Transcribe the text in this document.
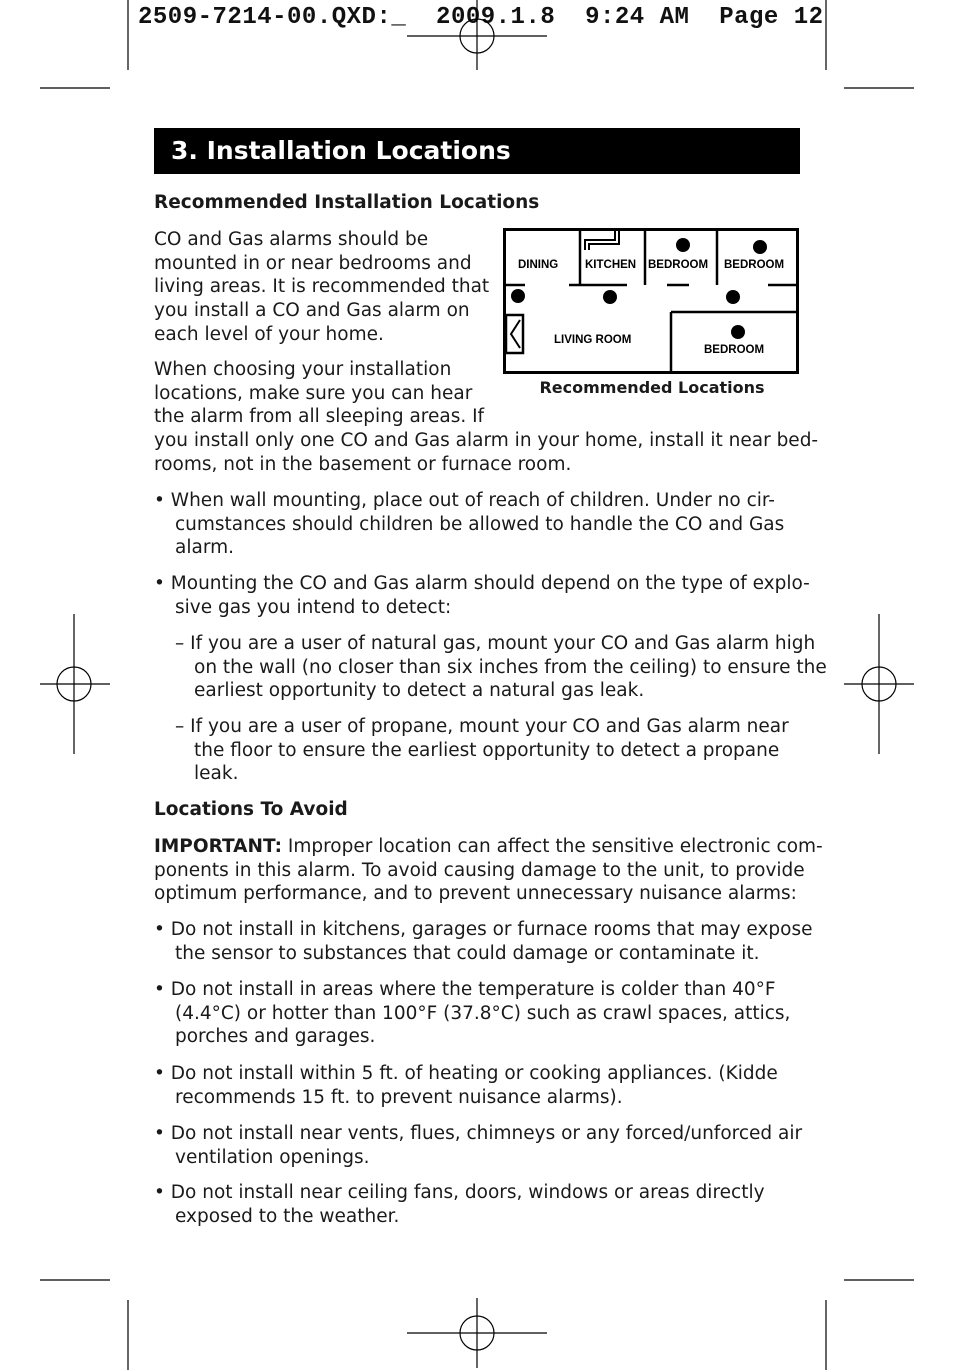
2509-7214-00.QXD:_  2009.1.8  9:24 AM  Page 12
3. Installation Locations
Recommended Installation Locations
CO and Gas alarms should be
mounted in or near bedrooms and
living areas. It is recommended that
you install a CO and Gas alarm on
each level of your home.
When choosing your installation
locations, make sure you can hear
the alarm from all sleeping areas. If
you install only one CO and Gas alarm in your home, install it near bed-
rooms, not in the basement or furnace room.
DINING KITCHEN BEDROOM BEDROOM
LIVING ROOM
BEDROOM
Recommended Locations
• When wall mounting, place out of reach of children. Under no cir-
cumstances should children be allowed to handle the CO and Gas
alarm.
• Mounting the CO and Gas alarm should depend on the type of explo-
sive gas you intend to detect:
– If you are a user of natural gas, mount your CO and Gas alarm high
on the wall (no closer than six inches from the ceiling) to ensure the
earliest opportunity to detect a natural gas leak.
– If you are a user of propane, mount your CO and Gas alarm near
the floor to ensure the earliest opportunity to detect a propane
leak.
Locations To Avoid
IMPORTANT: Improper location can affect the sensitive electronic com-
ponents in this alarm. To avoid causing damage to the unit, to provide
optimum performance, and to prevent unnecessary nuisance alarms:
• Do not install in kitchens, garages or furnace rooms that may expose
the sensor to substances that could damage or contaminate it.
• Do not install in areas where the temperature is colder than 40°F
(4.4°C) or hotter than 100°F (37.8°C) such as crawl spaces, attics,
porches and garages.
• Do not install within 5 ft. of heating or cooking appliances. (Kidde
recommends 15 ft. to prevent nuisance alarms).
• Do not install near vents, flues, chimneys or any forced/unforced air
ventilation openings.
• Do not install near ceiling fans, doors, windows or areas directly
exposed to the weather.
